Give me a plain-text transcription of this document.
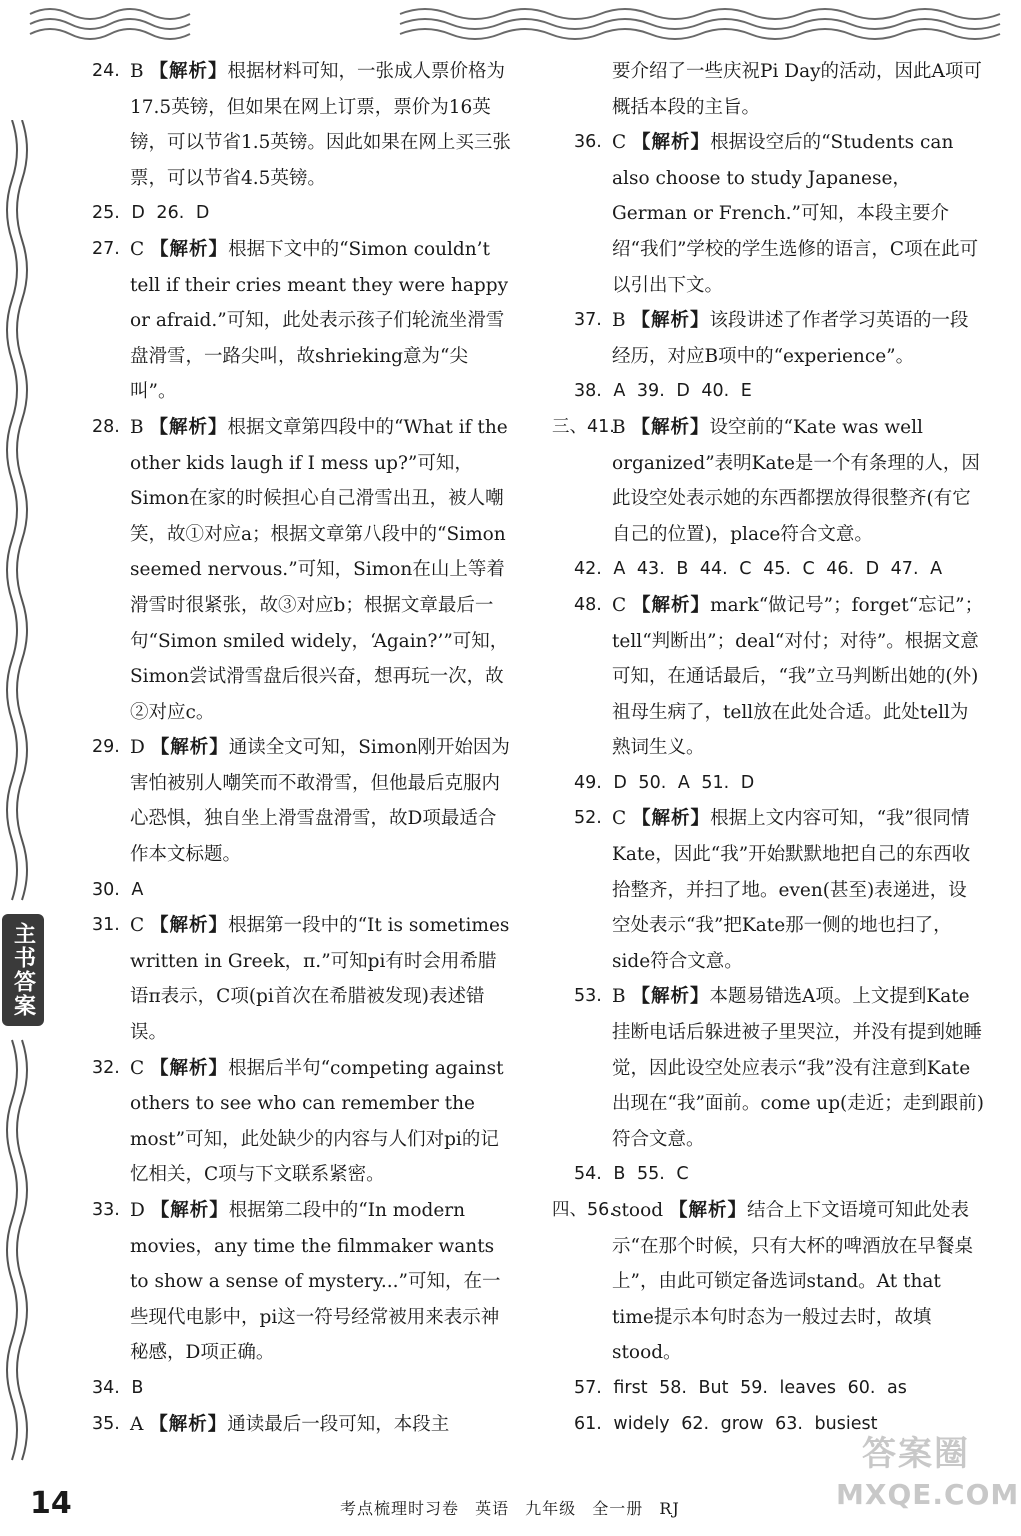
主书答案
24. B 【解析】根据材料可知，一张成人票价格为17.5英镑，但如果在网上订票，票价为16英镑，可以节省1.5英镑。因此如果在网上买三张票，可以节省4.5英镑。
25. D 26. D
27. C 【解析】根据下文中的“Simon couldn’t tell if their cries meant they were happy or afraid.”可知，此处表示孩子们轮流坐滑雪盘滑雪，一路尖叫，故shrieking意为“尖叫”。
28. B 【解析】根据文章第四段中的“What if the other kids laugh if I mess up?”可知，Simon在家的时候担心自己滑雪出丑，被人嘲笑，故①对应a；根据文章第八段中的“Simon seemed nervous.”可知，Simon在山上等着滑雪时很紧张，故③对应b；根据文章最后一句“Simon smiled widely，‘Again?’”可知，Simon尝试滑雪盘后很兴奋，想再玩一次，故②对应c。
29. D 【解析】通读全文可知，Simon刚开始因为害怕被别人嘲笑而不敢滑雪，但他最后克服内心恐惧，独自坐上滑雪盘滑雪，故D项最适合作本文标题。
30. A
31. C 【解析】根据第一段中的“It is sometimes written in Greek，π.”可知pi有时会用希腊语π表示，C项(pi首次在希腊被发现)表述错误。
32. C 【解析】根据后半句“competing against others to see who can remember the most”可知，此处缺少的内容与人们对pi的记忆相关，C项与下文联系紧密。
33. D 【解析】根据第二段中的“In modern movies，any time the filmmaker wants to show a sense of mystery...”可知，在一些现代电影中，pi这一符号经常被用来表示神秘感，D项正确。
34. B
35. A 【解析】通读最后一段可知，本段主
要介绍了一些庆祝Pi Day的活动，因此A项可概括本段的主旨。
36. C 【解析】根据设空后的“Students can also choose to study Japanese，German or French.”可知，本段主要介绍“我们”学校的学生选修的语言，C项在此可以引出下文。
37. B 【解析】该段讲述了作者学习英语的一段经历，对应B项中的“experience”。
38. A 39. D 40. E
三、41.
B 【解析】设空前的“Kate was well organized”表明Kate是一个有条理的人，因此设空处表示她的东西都摆放得很整齐(有它自己的位置)，place符合文意。
42. A 43. B 44. C 45. C 46. D 47. A
48. C 【解析】mark“做记号”；forget“忘记”；tell“判断出”；deal“对付；对待”。根据文意可知，在通话最后，“我”立马判断出她的(外)祖母生病了，tell放在此处合适。此处tell为熟词生义。
49. D 50. A 51. D
52. C 【解析】根据上文内容可知，“我”很同情Kate，因此“我”开始默默地把自己的东西收拾整齐，并扫了地。even(甚至)表递进，设空处表示“我”把Kate那一侧的地也扫了，side符合文意。
53. B 【解析】本题易错选A项。上文提到Kate挂断电话后躲进被子里哭泣，并没有提到她睡觉，因此设空处应表示“我”没有注意到Kate出现在“我”面前。come up(走近；走到跟前)符合文意。
54. B 55. C
四、56.
stood 【解析】结合上下文语境可知此处表示“在那个时候，只有大杯的啤酒放在早餐桌上”，由此可锁定备选词stand。At that time提示本句时态为一般过去时，故填stood。
57. first 58. But 59. leaves 60. as
61. widely 62. grow 63. busiest
答案圈
MXQE.COM
14	考点梳理时习卷 英语 九年级 全一册 RJ
